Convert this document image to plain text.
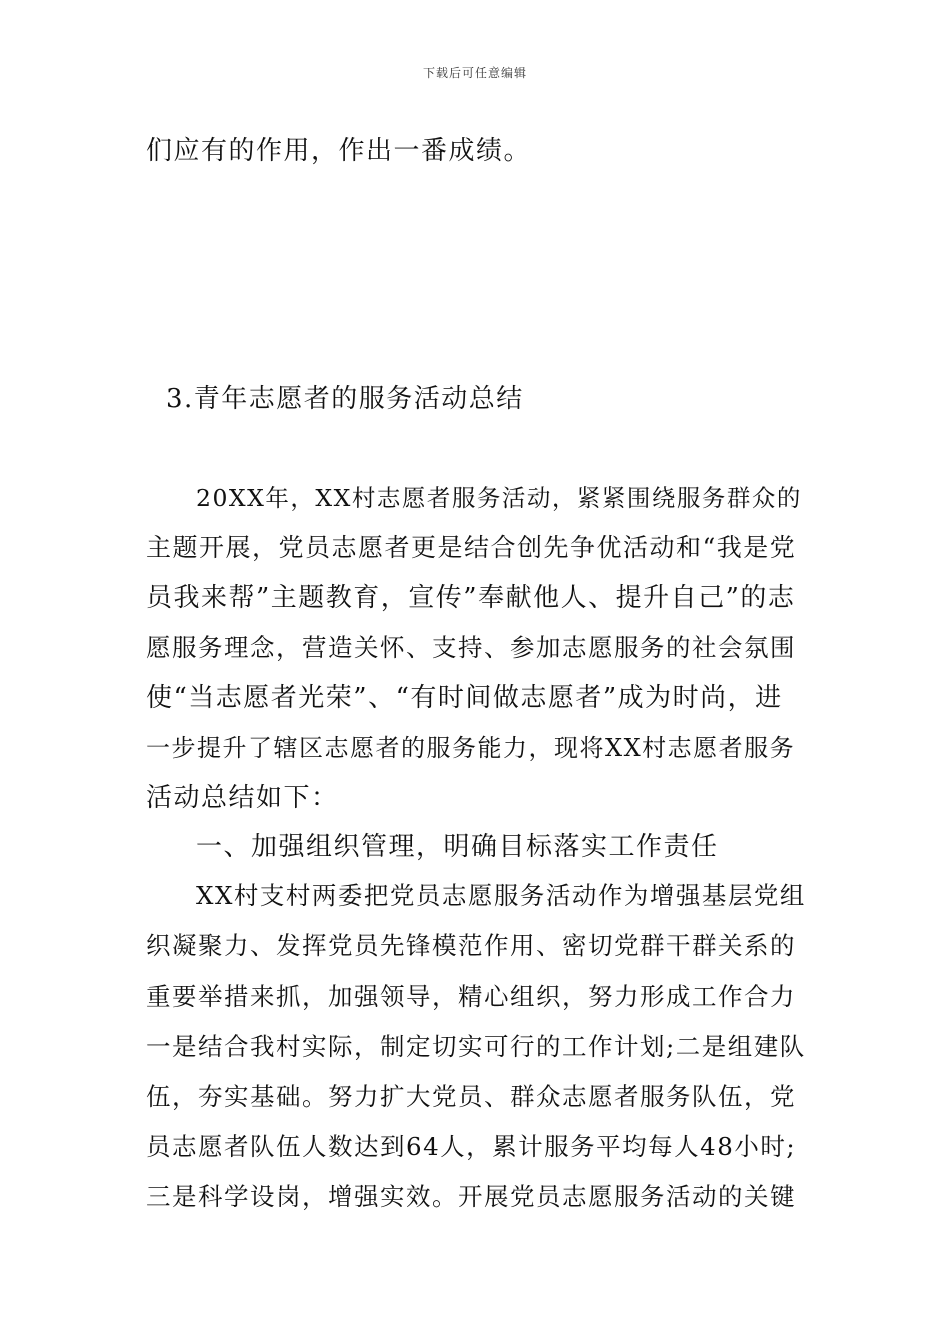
下载后可任意编辑
们应有的作用，作出一番成绩。
3.青年志愿者的服务活动总结
20XX年，XX村志愿者服务活动，紧紧围绕服务群众的
主题开展，党员志愿者更是结合创先争优活动和“我是党
员我来帮”主题教育，宣传”奉献他人、提升自己”的志
愿服务理念，营造关怀、支持、参加志愿服务的社会氛围
使“当志愿者光荣”、“有时间做志愿者”成为时尚，进
一步提升了辖区志愿者的服务能力，现将XX村志愿者服务
活动总结如下：
一、加强组织管理，明确目标落实工作责任
XX村支村两委把党员志愿服务活动作为增强基层党组
织凝聚力、发挥党员先锋模范作用、密切党群干群关系的
重要举措来抓，加强领导，精心组织，努力形成工作合力
一是结合我村实际，制定切实可行的工作计划;二是组建队
伍，夯实基础。努力扩大党员、群众志愿者服务队伍，党
员志愿者队伍人数达到64人，累计服务平均每人48小时;
三是科学设岗，增强实效。开展党员志愿服务活动的关键
